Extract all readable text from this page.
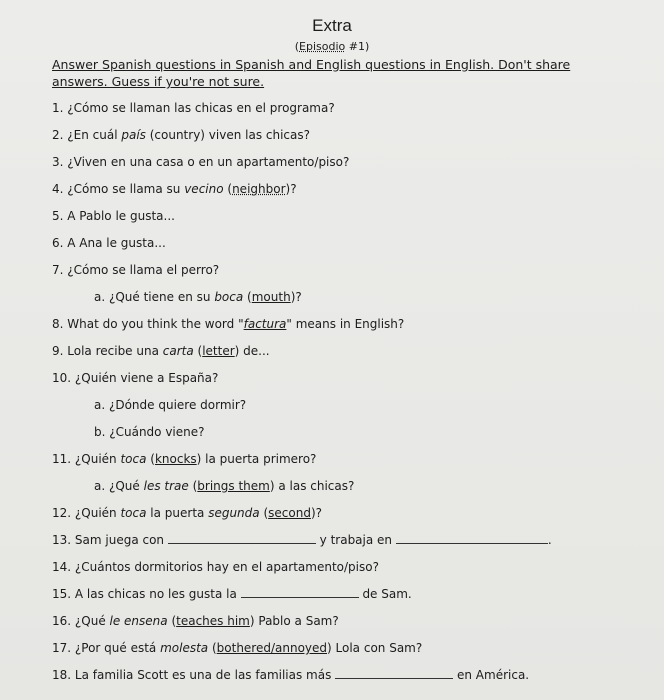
Extra
(Episodio #1)
Answer Spanish questions in Spanish and English questions in English. Don't share
answers. Guess if you're not sure.
1. ¿Cómo se llaman las chicas en el programa?
2. ¿En cuál país (country) viven las chicas?
3. ¿Viven en una casa o en un apartamento/piso?
4. ¿Cómo se llama su vecino (neighbor)?
5. A Pablo le gusta...
6. A Ana le gusta...
7. ¿Cómo se llama el perro?
a. ¿Qué tiene en su boca (mouth)?
8. What do you think the word "factura" means in English?
9. Lola recibe una carta (letter) de...
10. ¿Quién viene a España?
a. ¿Dónde quiere dormir?
b. ¿Cuándo viene?
11. ¿Quién toca (knocks) la puerta primero?
a. ¿Qué les trae (brings them) a las chicas?
12. ¿Quién toca la puerta segunda (second)?
13. Sam juega con	y trabaja en	.
14. ¿Cuántos dormitorios hay en el apartamento/piso?
15. A las chicas no les gusta la	de Sam.
16. ¿Qué le ensena (teaches him) Pablo a Sam?
17. ¿Por qué está molesta (bothered/annoyed) Lola con Sam?
18. La familia Scott es una de las familias más	en América.
